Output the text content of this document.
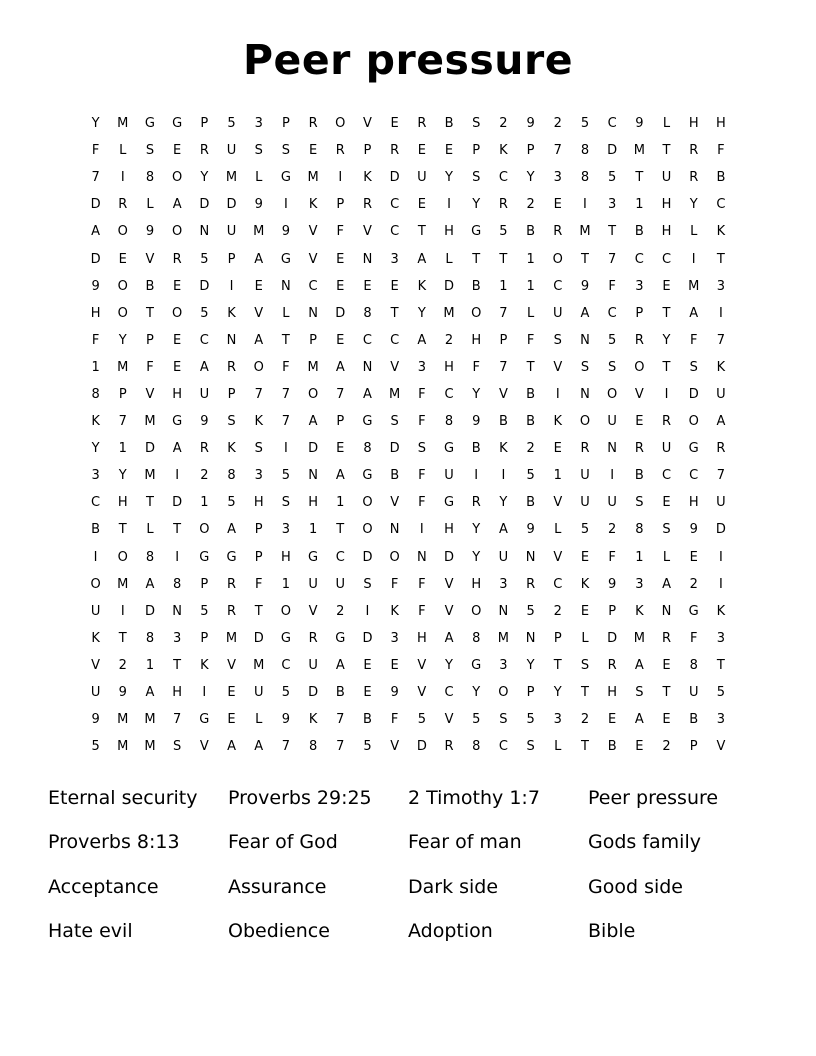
Peer pressure
Y	M	G	G	P	5	3	P	R	O	V	E	R	B	S	2	9	2	5	C	9	L	H	H
F	L	S	E	R	U	S	S	E	R	P	R	E	E	P	K	P	7	8	D	M	T	R	F
7	I	8	O	Y	M	L	G	M	I	K	D	U	Y	S	C	Y	3	8	5	T	U	R	B
D	R	L	A	D	D	9	I	K	P	R	C	E	I	Y	R	2	E	I	3	1	H	Y	C
A	O	9	O	N	U	M	9	V	F	V	C	T	H	G	5	B	R	M	T	B	H	L	K
D	E	V	R	5	P	A	G	V	E	N	3	A	L	T	T	1	O	T	7	C	C	I	T
9	O	B	E	D	I	E	N	C	E	E	E	K	D	B	1	1	C	9	F	3	E	M	3
H	O	T	O	5	K	V	L	N	D	8	T	Y	M	O	7	L	U	A	C	P	T	A	I
F	Y	P	E	C	N	A	T	P	E	C	C	A	2	H	P	F	S	N	5	R	Y	F	7
1	M	F	E	A	R	O	F	M	A	N	V	3	H	F	7	T	V	S	S	O	T	S	K
8	P	V	H	U	P	7	7	O	7	A	M	F	C	Y	V	B	I	N	O	V	I	D	U
K	7	M	G	9	S	K	7	A	P	G	S	F	8	9	B	B	K	O	U	E	R	O	A
Y	1	D	A	R	K	S	I	D	E	8	D	S	G	B	K	2	E	R	N	R	U	G	R
3	Y	M	I	2	8	3	5	N	A	G	B	F	U	I	I	5	1	U	I	B	C	C	7
C	H	T	D	1	5	H	S	H	1	O	V	F	G	R	Y	B	V	U	U	S	E	H	U
B	T	L	T	O	A	P	3	1	T	O	N	I	H	Y	A	9	L	5	2	8	S	9	D
I	O	8	I	G	G	P	H	G	C	D	O	N	D	Y	U	N	V	E	F	1	L	E	I
O	M	A	8	P	R	F	1	U	U	S	F	F	V	H	3	R	C	K	9	3	A	2	I
U	I	D	N	5	R	T	O	V	2	I	K	F	V	O	N	5	2	E	P	K	N	G	K
K	T	8	3	P	M	D	G	R	G	D	3	H	A	8	M	N	P	L	D	M	R	F	3
V	2	1	T	K	V	M	C	U	A	E	E	V	Y	G	3	Y	T	S	R	A	E	8	T
U	9	A	H	I	E	U	5	D	B	E	9	V	C	Y	O	P	Y	T	H	S	T	U	5
9	M	M	7	G	E	L	9	K	7	B	F	5	V	5	S	5	3	2	E	A	E	B	3
5	M	M	S	V	A	A	7	8	7	5	V	D	R	8	C	S	L	T	B	E	2	P	V
Eternal security	Proverbs 29:25	2 Timothy 1:7	Peer pressure
Proverbs 8:13	Fear of God	Fear of man	Gods family
Acceptance	Assurance	Dark side	Good side
Hate evil	Obedience	Adoption	Bible
